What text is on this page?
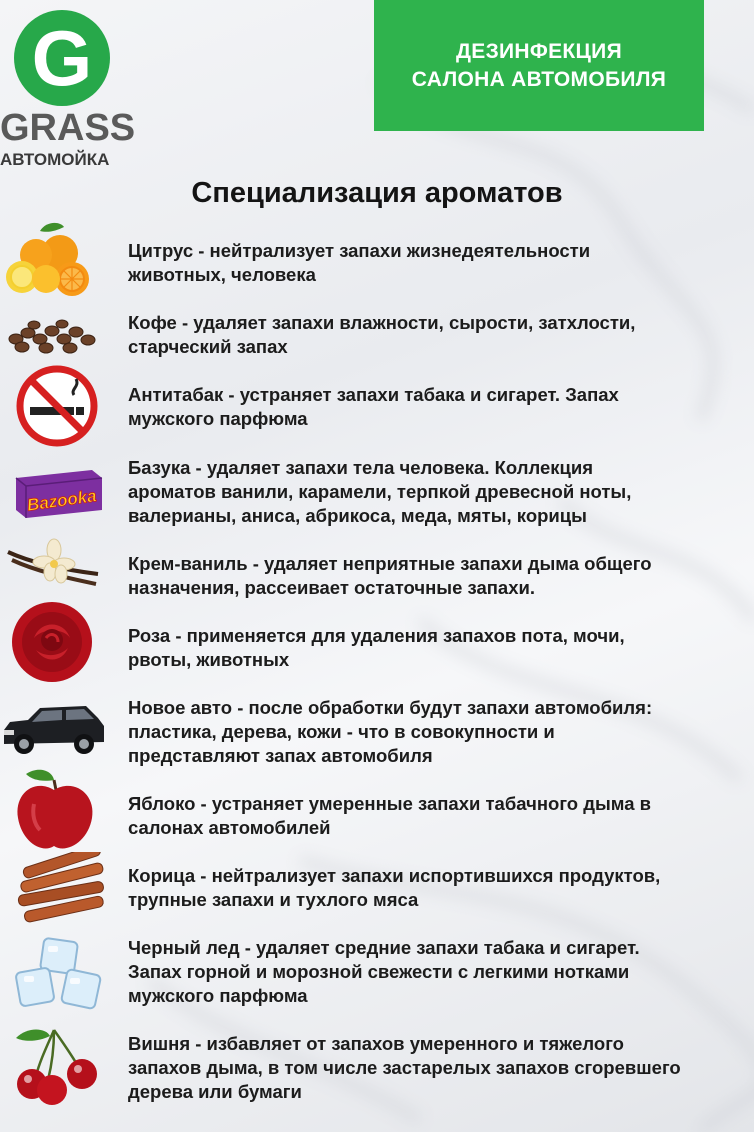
G
GRASS
АВТОМОЙКА
ДЕЗИНФЕКЦИЯ
САЛОНА АВТОМОБИЛЯ
Специализация ароматов
Цитрус - нейтрализует запахи жизнедеятельности
животных, человека
Кофе - удаляет запахи влажности, сырости, затхлости,
старческий запах
Антитабак - устраняет запахи табака и сигарет. Запах
мужского парфюма
Bazooka
Базука - удаляет запахи тела человека. Коллекция
ароматов ванили, карамели, терпкой древесной ноты,
валерианы, аниса, абрикоса, меда, мяты, корицы
Крем-ваниль - удаляет неприятные запахи дыма общего
назначения, рассеивает остаточные запахи.
Роза - применяется для удаления запахов пота, мочи,
рвоты, животных
Новое авто - после обработки будут запахи автомобиля:
пластика, дерева, кожи - что в совокупности и
представляют запах автомобиля
Яблоко - устраняет умеренные запахи табачного дыма в
салонах автомобилей
Корица - нейтрализует запахи испортившихся продуктов,
трупные запахи и тухлого мяса
Черный лед - удаляет средние запахи табака и сигарет.
Запах горной и морозной свежести с легкими нотками
мужского парфюма
Вишня - избавляет от запахов умеренного и тяжелого
запахов дыма, в том числе застарелых запахов сгоревшего
дерева или бумаги
